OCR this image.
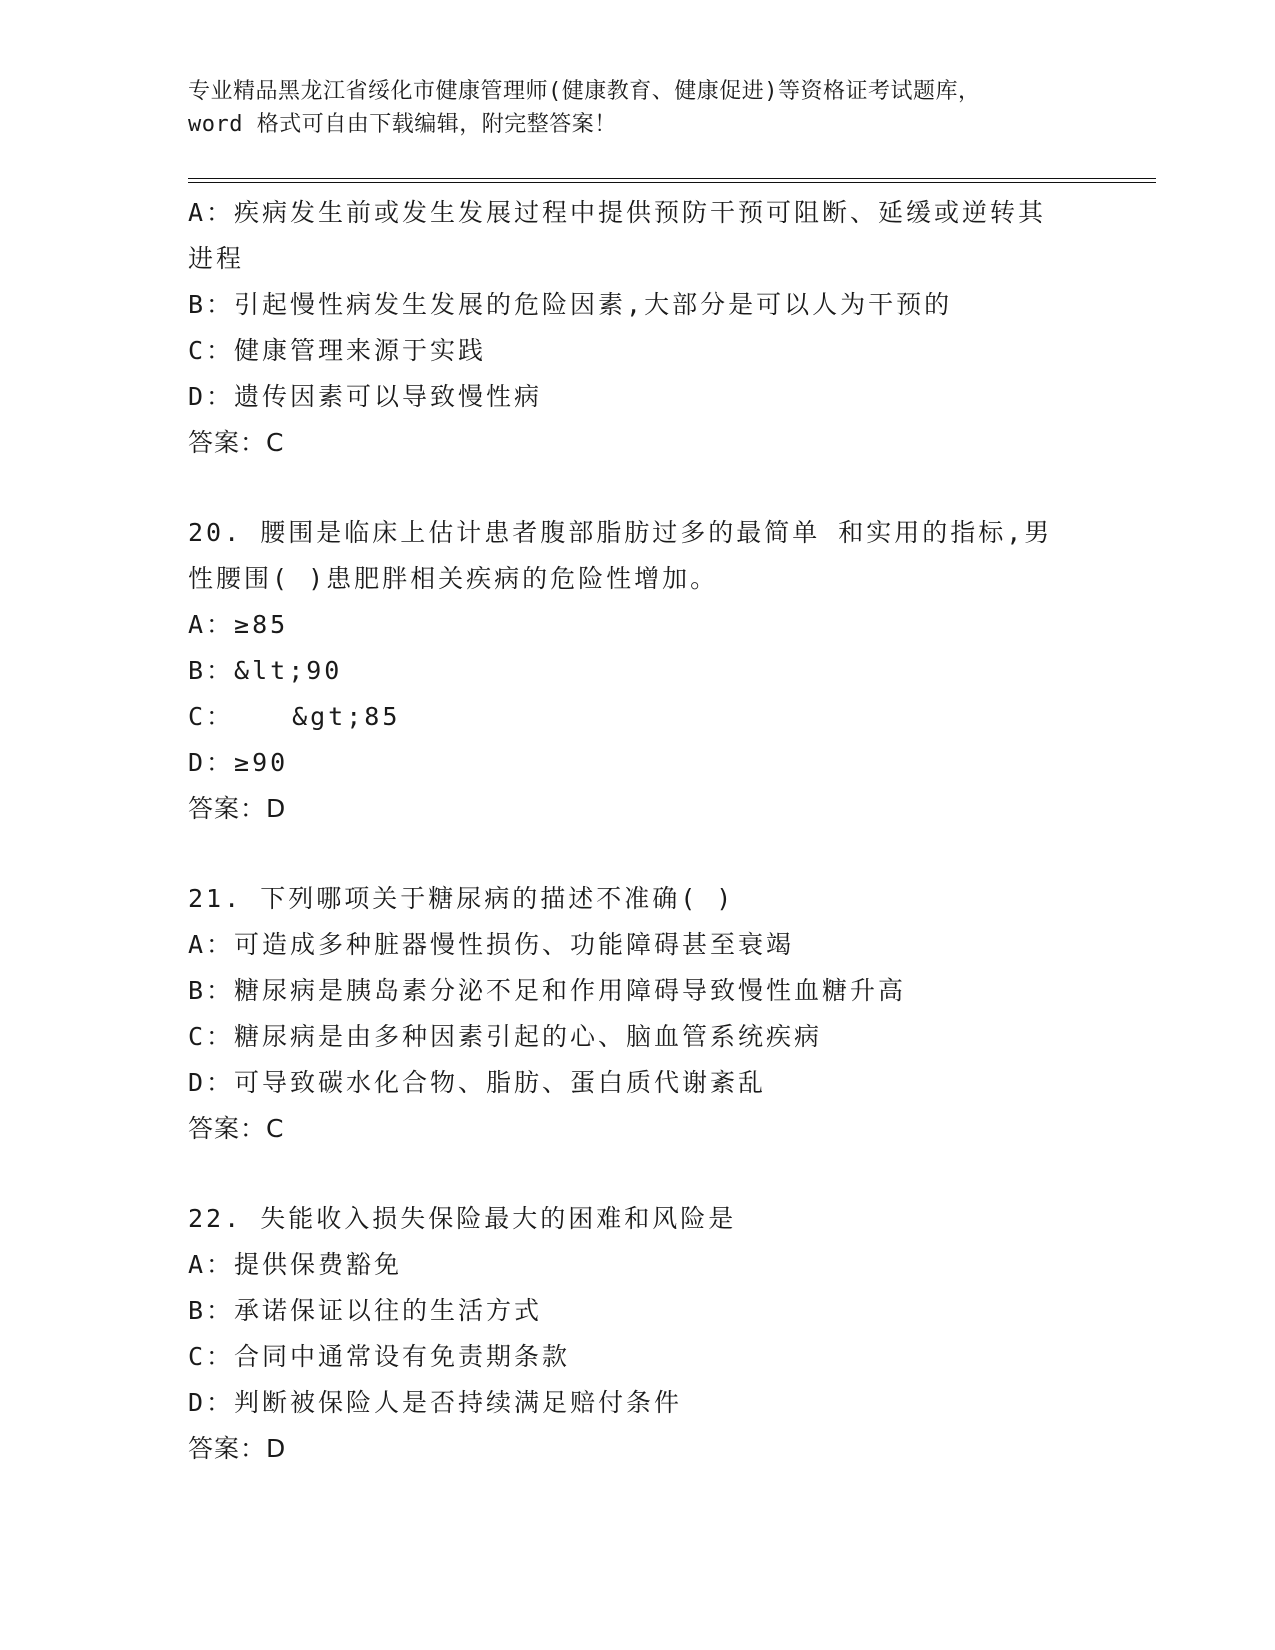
专业精品黑龙江省绥化市健康管理师(健康教育、健康促进)等资格证考试题库，
word 格式可自由下载编辑，附完整答案！
A：疾病发生前或发生发展过程中提供预防干预可阻断、延缓或逆转其
进程
B：引起慢性病发生发展的危险因素,大部分是可以人为干预的
C：健康管理来源于实践
D：遗传因素可以导致慢性病
答案：C
20. 腰围是临床上估计患者腹部脂肪过多的最简单 和实用的指标,男
性腰围( )患肥胖相关疾病的危险性增加。
A：≥85
B：&lt;90
C： &gt;85
D：≥90
答案：D
21. 下列哪项关于糖尿病的描述不准确( )
A：可造成多种脏器慢性损伤、功能障碍甚至衰竭
B：糖尿病是胰岛素分泌不足和作用障碍导致慢性血糖升高
C：糖尿病是由多种因素引起的心、脑血管系统疾病
D：可导致碳水化合物、脂肪、蛋白质代谢紊乱
答案：C
22. 失能收入损失保险最大的困难和风险是
A：提供保费豁免
B：承诺保证以往的生活方式
C：合同中通常设有免责期条款
D：判断被保险人是否持续满足赔付条件
答案：D
